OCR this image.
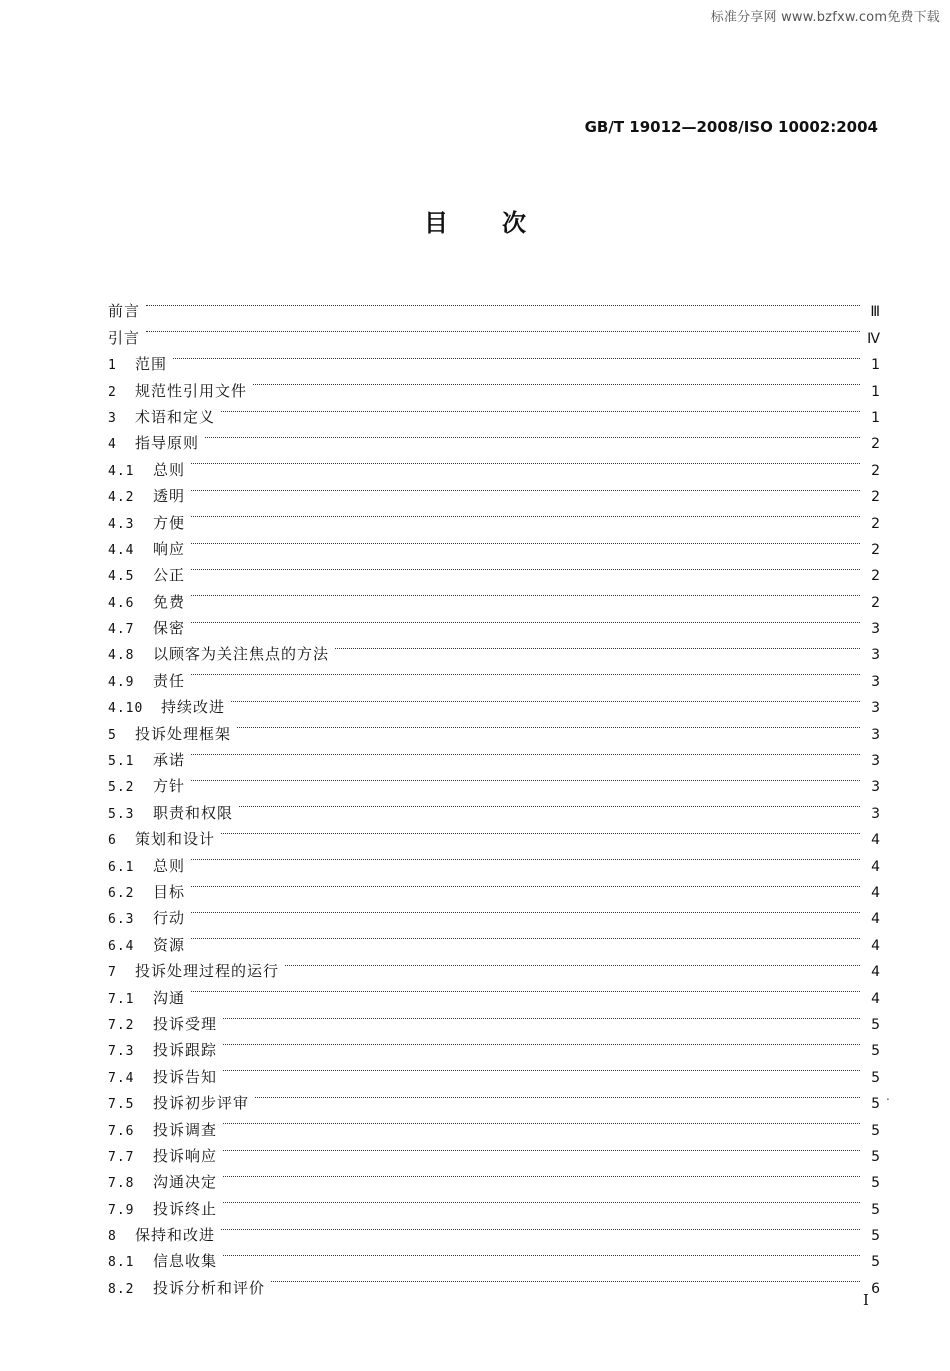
标准分享网 www.bzfxw.com免费下载
GB/T 19012—2008/ISO 10002:2004
目次
前言	Ⅲ
引言	Ⅳ
1	范围	1
2	规范性引用文件	1
3	术语和定义	1
4	指导原则	2
4.1	总则	2
4.2	透明	2
4.3	方便	2
4.4	响应	2
4.5	公正	2
4.6	免费	2
4.7	保密	3
4.8	以顾客为关注焦点的方法	3
4.9	责任	3
4.10	持续改进	3
5	投诉处理框架	3
5.1	承诺	3
5.2	方针	3
5.3	职责和权限	3
6	策划和设计	4
6.1	总则	4
6.2	目标	4
6.3	行动	4
6.4	资源	4
7	投诉处理过程的运行	4
7.1	沟通	4
7.2	投诉受理	5
7.3	投诉跟踪	5
7.4	投诉告知	5
7.5	投诉初步评审	5
7.6	投诉调查	5
7.7	投诉响应	5
7.8	沟通决定	5
7.9	投诉终止	5
8	保持和改进	5
8.1	信息收集	5
8.2	投诉分析和评价	6
I
.
